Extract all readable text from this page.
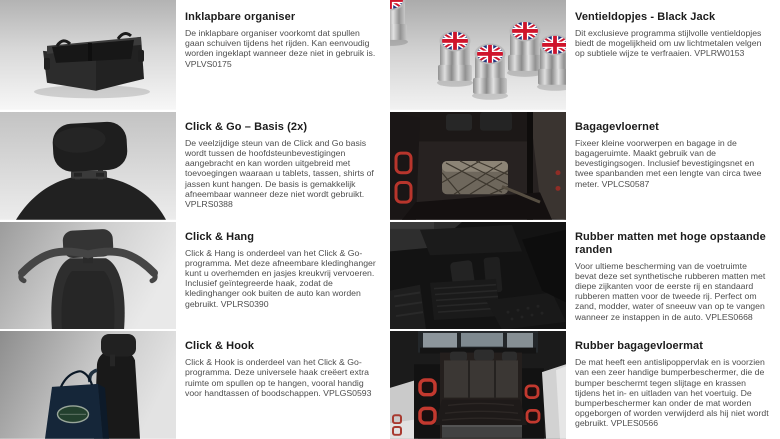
Inklapbare organiser

De inklapbare organiser voorkomt dat spullen gaan schuiven tijdens het rijden. Kan eenvoudig worden ingeklapt wanneer deze niet in gebruik is. VPLVS0175

Click & Go – Basis (2x)

De veelzijdige steun van de Click and Go basis wordt tussen de hoofdsteunbevestigingen aangebracht en kan worden uitgebreid met toevoegingen waaraan u tablets, tassen, shirts of jassen kunt hangen. De basis is gemakkelijk afneembaar wanneer deze niet wordt gebruikt. VPLRS0388

Click & Hang

Click & Hang is onderdeel van het Click & Go-programma. Met deze afneembare kledinghanger kunt u overhemden en jasjes kreukvrij vervoeren. Inclusief geïntegreerde haak, zodat de kledinghanger ook buiten de auto kan worden gebruikt. VPLRS0390

Click & Hook

Click & Hook is onderdeel van het Click & Go-programma. Deze universele haak creëert extra ruimte om spullen op te hangen, vooral handig voor handtassen of boodschappen. VPLGS0593

Ventieldopjes - Black Jack

Dit exclusieve programma stijlvolle ventieldopjes biedt de mogelijkheid om uw lichtmetalen velgen op subtiele wijze te verfraaien. VPLRW0153

Bagagevloernet

Fixeer kleine voorwerpen en bagage in de bagageruimte. Maakt gebruik van de bevestigingsogen. Inclusief bevestigingsnet en twee spanbanden met een lengte van circa twee meter. VPLCS0587

Rubber matten met hoge opstaande randen

Voor ultieme bescherming van de voetruimte bevat deze set synthetische rubberen matten met diepe zijkanten voor de eerste rij en standaard rubberen matten voor de tweede rij. Perfect om zand, modder, water of sneeuw van op te vangen wanneer ze instappen in de auto. VPLES0668

Rubber bagagevloermat

De mat heeft een antislipoppervlak en is voorzien van een zeer handige bumperbeschermer, die de bumper beschermt tegen slijtage en krassen tijdens het in- en uitladen van het voertuig. De bumperbeschermer kan onder de mat worden opgeborgen of worden verwijderd als hij niet wordt gebruikt. VPLES0566
